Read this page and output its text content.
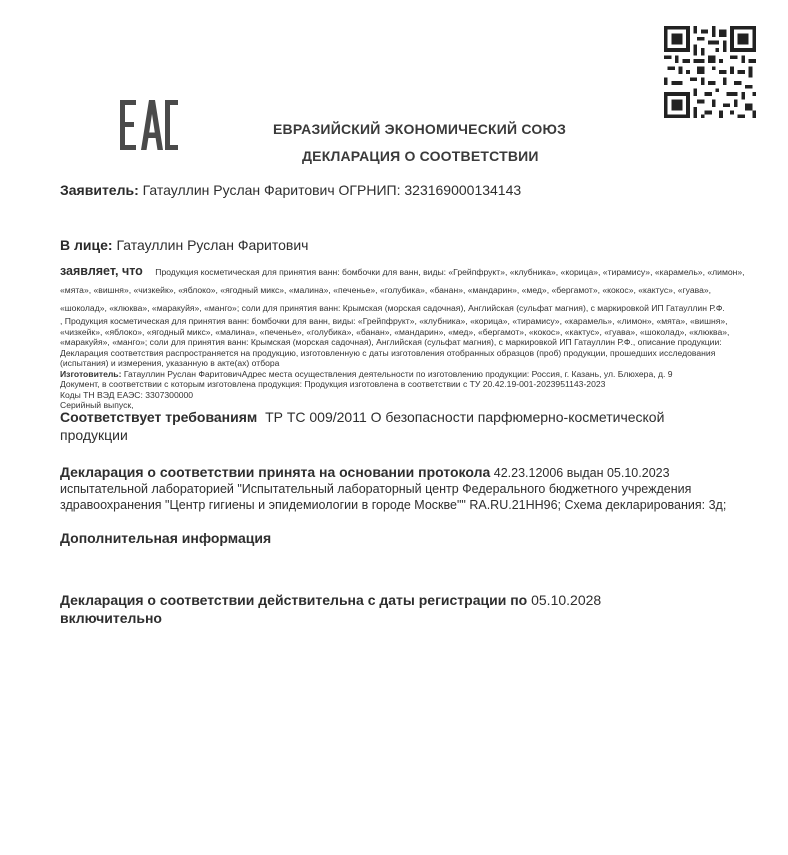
ЕВРАЗИЙСКИЙ ЭКОНОМИЧЕСКИЙ СОЮЗ
ДЕКЛАРАЦИЯ О СООТВЕТСТВИИ
Заявитель: Гатауллин Руслан Фаритович ОГРНИП: 323169000134143
В лице: Гатауллин Руслан Фаритович

заявляет, что Продукция косметическая для принятия ванн: бомбочки для ванн, виды: «Грейпфрукт», «клубника», «корица», «тирамису», «карамель», «лимон», «мята», «вишня», «чизкейк», «яблоко», «ягодный микс», «малина», «печенье», «голубика», «банан», «мандарин», «мед», «бергамот», «кокос», «кактус», «гуава», «шоколад», «клюква», «маракуйя», «манго»; соли для принятия ванн: Крымская (морская садочная), Английская (сульфат магния), с маркировкой ИП Гатауллин Р.Ф.

, Продукция косметическая для принятия ванн: бомбочки для ванн, виды: «Грейпфрукт», «клубника», «корица», «тирамису», «карамель», «лимон», «мята», «вишня», «чизкейк», «яблоко», «ягодный микс», «малина», «печенье», «голубика», «банан», «мандарин», «мед», «бергамот», «кокос», «кактус», «гуава», «шоколад», «клюква», «маракуйя», «манго»; соли для принятия ванн: Крымская (морская садочная), Английская (сульфат магния), с маркировкой ИП Гатауллин Р.Ф., описание продукции: Декларация соответствия распространяется на продукцию, изготовленную с даты изготовления отобранных образцов (проб) продукции, прошедших исследования (испытания) и измерения, указанную в акте(ах) отбора

Изготовитель: Гатауллин Руслан ФаритовичАдрес места осуществления деятельности по изготовлению продукции: Россия, г. Казань, ул. Блюхера, д. 9

Документ, в соответствии с которым изготовлена продукция: Продукция изготовлена в соответствии с ТУ 20.42.19-001-2023951143-2023

Коды ТН ВЭД ЕАЭС: 3307300000

Серийный выпуск,

Соответствует требованиям ТР ТС 009/2011 О безопасности парфюмерно-косметической продукции
Декларация о соответствии принята на основании протокола 42.23.12006 выдан 05.10.2023 испытательной лабораторией "Испытательный лабораторный центр Федерального бюджетного учреждения здравоохранения "Центр гигиены и эпидемиологии в городе Москве"" RA.RU.21НН96; Схема декларирования: 3д;
Дополнительная информация
Декларация о соответствии действительна с даты регистрации по 05.10.2028
включительно
